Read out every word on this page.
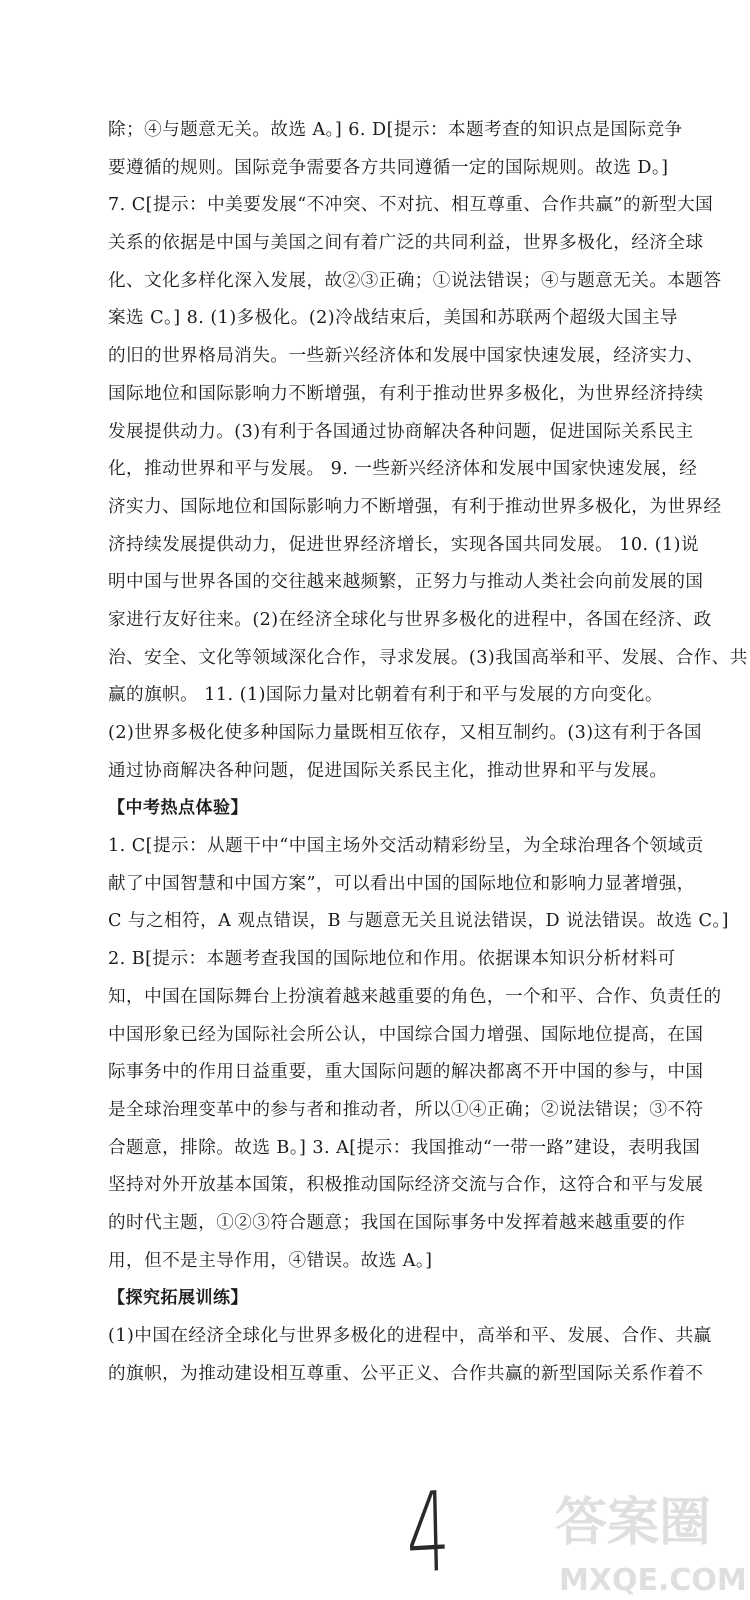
除；④与题意无关。故选 A。] 6. D[提示：本题考查的知识点是国际竞争
要遵循的规则。国际竞争需要各方共同遵循一定的国际规则。故选 D。]
7. C[提示：中美要发展“不冲突、不对抗、相互尊重、合作共赢”的新型大国
关系的依据是中国与美国之间有着广泛的共同利益，世界多极化，经济全球
化、文化多样化深入发展，故②③正确；①说法错误；④与题意无关。本题答
案选 C。] 8. (1)多极化。(2)冷战结束后，美国和苏联两个超级大国主导
的旧的世界格局消失。一些新兴经济体和发展中国家快速发展，经济实力、
国际地位和国际影响力不断增强，有利于推动世界多极化，为世界经济持续
发展提供动力。(3)有利于各国通过协商解决各种问题，促进国际关系民主
化，推动世界和平与发展。 9. 一些新兴经济体和发展中国家快速发展，经
济实力、国际地位和国际影响力不断增强，有利于推动世界多极化，为世界经
济持续发展提供动力，促进世界经济增长，实现各国共同发展。 10. (1)说
明中国与世界各国的交往越来越频繁，正努力与推动人类社会向前发展的国
家进行友好往来。(2)在经济全球化与世界多极化的进程中，各国在经济、政
治、安全、文化等领域深化合作，寻求发展。(3)我国高举和平、发展、合作、共
赢的旗帜。 11. (1)国际力量对比朝着有利于和平与发展的方向变化。
(2)世界多极化使多种国际力量既相互依存，又相互制约。(3)这有利于各国
通过协商解决各种问题，促进国际关系民主化，推动世界和平与发展。
【中考热点体验】
1. C[提示：从题干中“中国主场外交活动精彩纷呈，为全球治理各个领域贡
献了中国智慧和中国方案”，可以看出中国的国际地位和影响力显著增强，
C 与之相符，A 观点错误，B 与题意无关且说法错误，D 说法错误。故选 C。]
2. B[提示：本题考查我国的国际地位和作用。依据课本知识分析材料可
知，中国在国际舞台上扮演着越来越重要的角色，一个和平、合作、负责任的
中国形象已经为国际社会所公认，中国综合国力增强、国际地位提高，在国
际事务中的作用日益重要，重大国际问题的解决都离不开中国的参与，中国
是全球治理变革中的参与者和推动者，所以①④正确；②说法错误；③不符
合题意，排除。故选 B。] 3. A[提示：我国推动“一带一路”建设，表明我国
坚持对外开放基本国策，积极推动国际经济交流与合作，这符合和平与发展
的时代主题，①②③符合题意；我国在国际事务中发挥着越来越重要的作
用，但不是主导作用，④错误。故选 A。]
【探究拓展训练】
(1)中国在经济全球化与世界多极化的进程中，高举和平、发展、合作、共赢
的旗帜，为推动建设相互尊重、公平正义、合作共赢的新型国际关系作着不
4 答案圈
MXQE.COM
